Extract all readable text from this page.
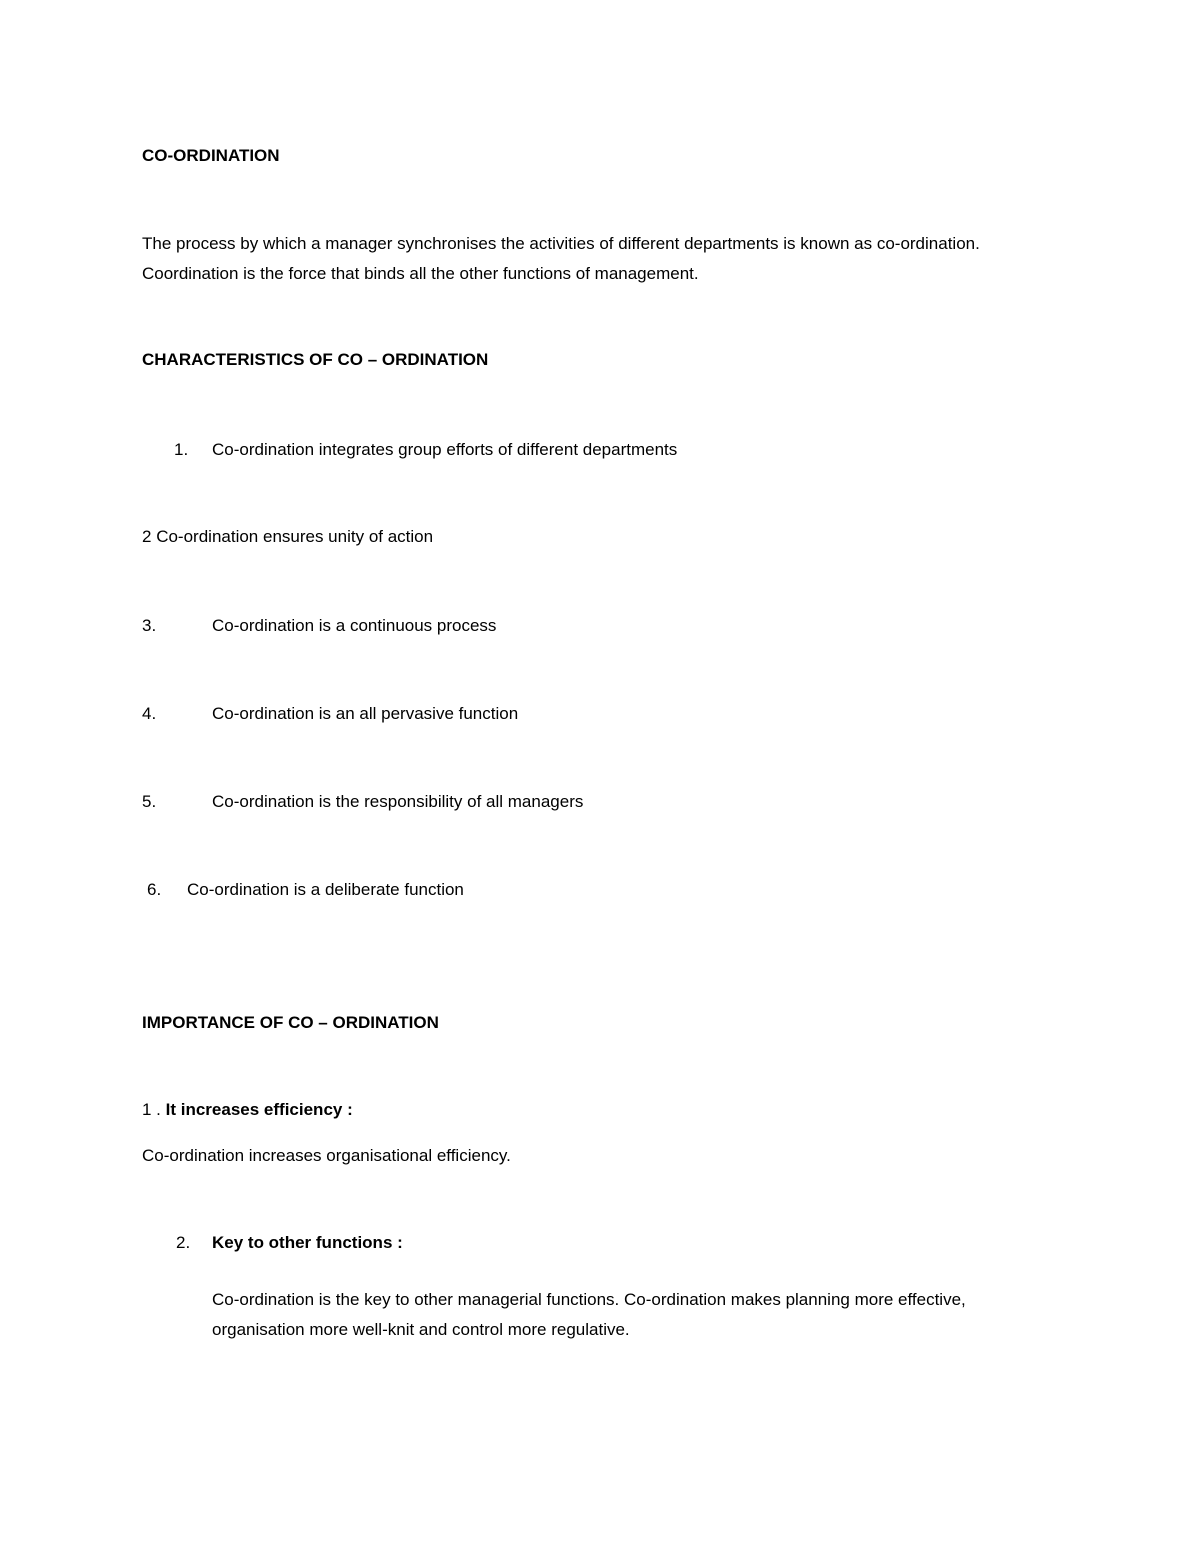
CO-ORDINATION
The process by which a manager synchronises the activities of different departments is known as co-ordination. Coordination is the force that binds all the other functions of management.
CHARACTERISTICS OF CO – ORDINATION
1. Co-ordination integrates group efforts of different departments
2 Co-ordination ensures unity of action
3.	Co-ordination is a continuous process
4.	Co-ordination is an all pervasive function
5.	Co-ordination is the responsibility of all managers
6. Co-ordination is a deliberate function
IMPORTANCE OF CO – ORDINATION
1 . It increases efficiency :
Co-ordination increases organisational efficiency.
2. Key to other functions :
Co-ordination is the key to other managerial functions. Co-ordination makes planning more effective, organisation more well-knit and control more regulative.
